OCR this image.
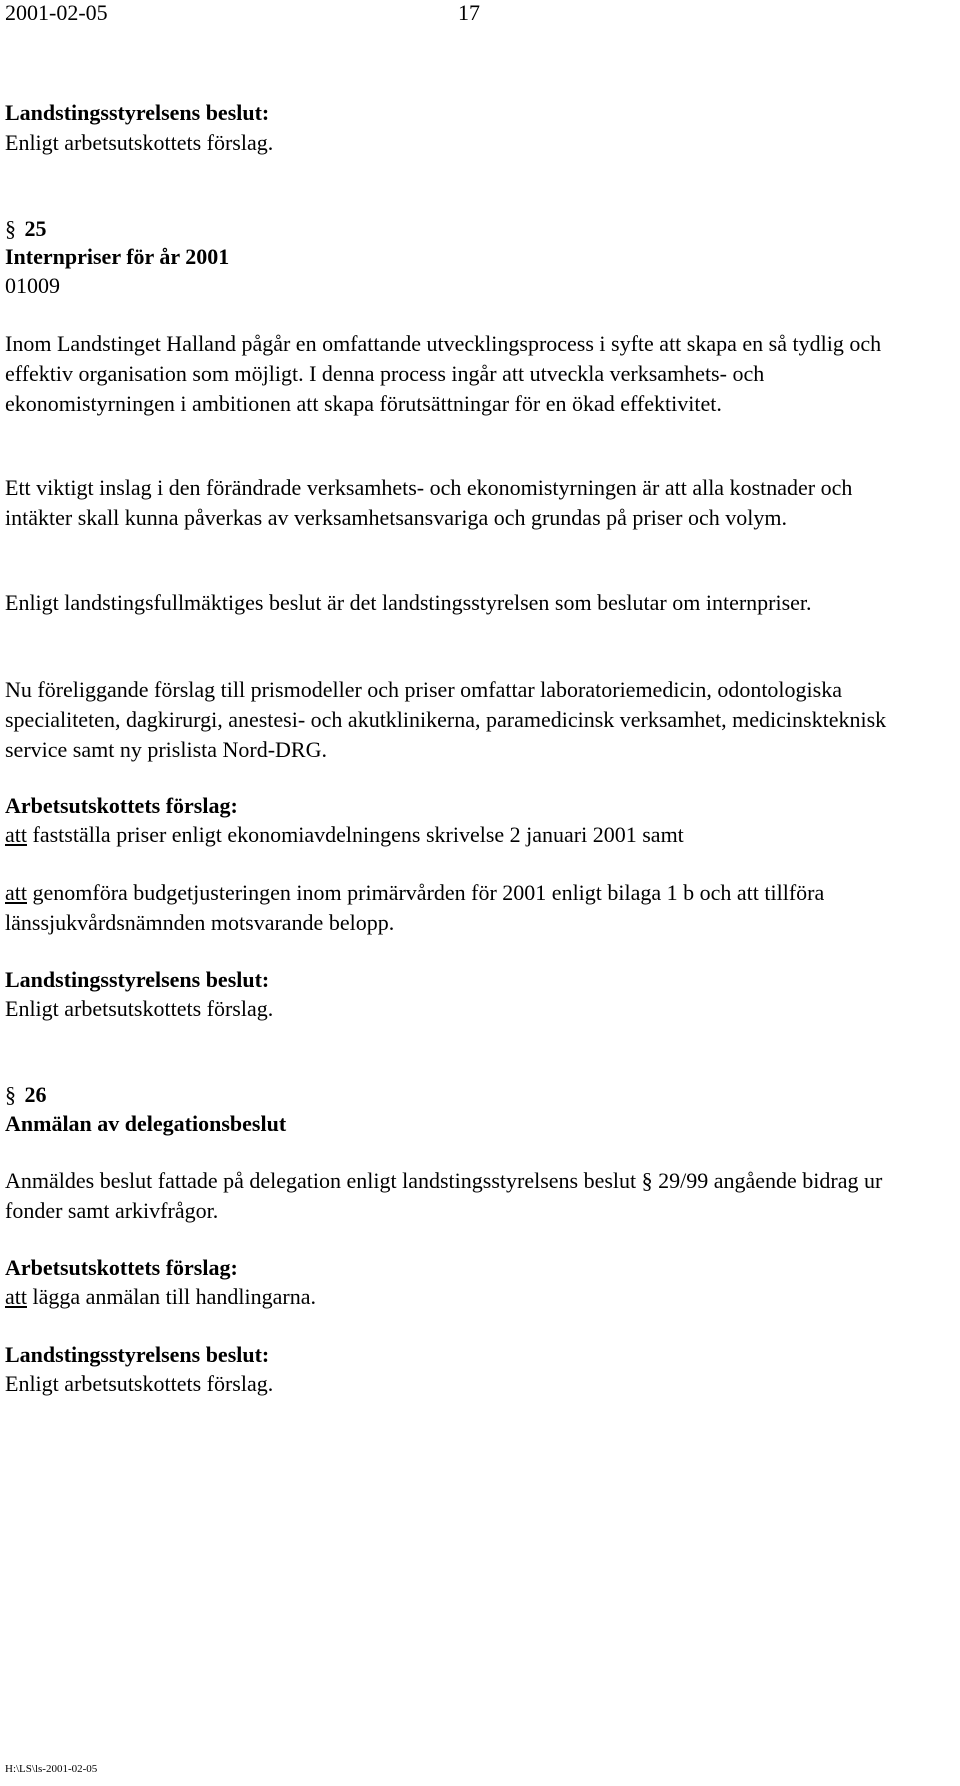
2001-02-05	17

Landstingsstyrelsens beslut:

Enligt arbetsutskottets förslag.

§ 25

Internpriser för år 2001

01009

Inom Landstinget Halland pågår en omfattande utvecklingsprocess i syfte att skapa en så tydlig och effektiv organisation som möjligt. I denna process ingår att utveckla verksamhets- och ekonomistyrningen i ambitionen att skapa förutsättningar för en ökad effektivitet.

Ett viktigt inslag i den förändrade verksamhets- och ekonomistyrningen är att alla kostnader och intäkter skall kunna påverkas av verksamhetsansvariga och grundas på priser och volym.

Enligt landstingsfullmäktiges beslut är det landstingsstyrelsen som beslutar om internpriser.

Nu föreliggande förslag till prismodeller och priser omfattar laboratoriemedicin, odontologiska specialiteten, dagkirurgi, anestesi- och akutklinikerna, paramedicinsk verksamhet, medicinskteknisk service samt ny prislista Nord-DRG.

Arbetsutskottets förslag:

att fastställa priser enligt ekonomiavdelningens skrivelse 2 januari 2001 samt

att genomföra budgetjusteringen inom primärvården för 2001 enligt bilaga 1 b och att tillföra länssjukvårdsnämnden motsvarande belopp.

Landstingsstyrelsens beslut:

Enligt arbetsutskottets förslag.

§ 26

Anmälan av delegationsbeslut

Anmäldes beslut fattade på delegation enligt landstingsstyrelsens beslut § 29/99 angående bidrag ur fonder samt arkivfrågor.

Arbetsutskottets förslag:

att lägga anmälan till handlingarna.

Landstingsstyrelsens beslut:

Enligt arbetsutskottets förslag.

H:\LS\ls-2001-02-05
